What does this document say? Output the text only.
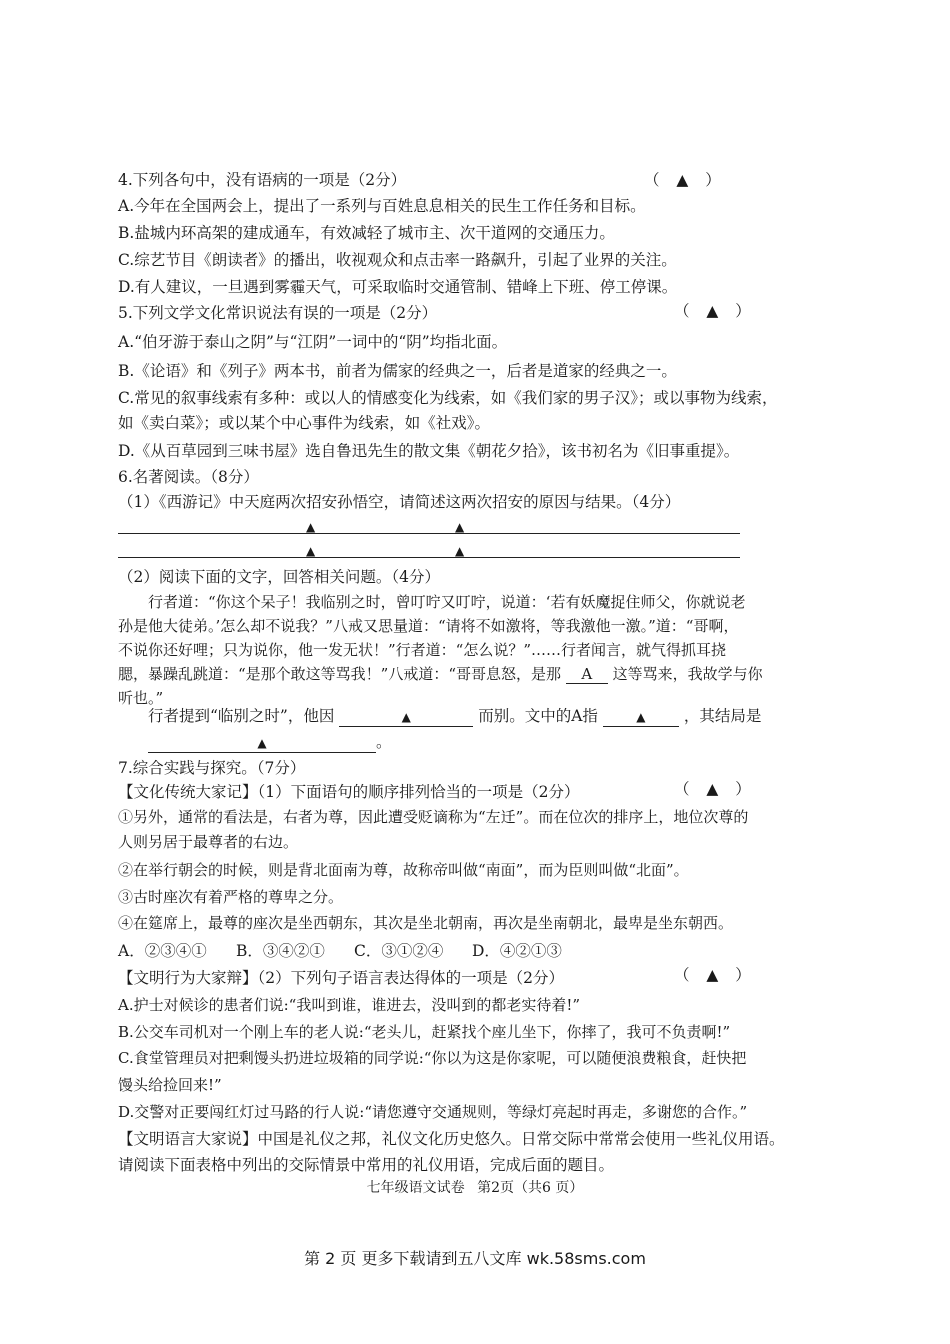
4.下列各句中，没有语病的一项是（2分）	（ ▲ ）
A.今年在全国两会上，提出了一系列与百姓息息相关的民生工作任务和目标。
B.盐城内环高架的建成通车，有效减轻了城市主、次干道网的交通压力。
C.综艺节目《朗读者》的播出，收视观众和点击率一路飙升，引起了业界的关注。
D.有人建议，一旦遇到雾霾天气，可采取临时交通管制、错峰上下班、停工停课。
5.下列文学文化常识说法有误的一项是（2分）	（ ▲ ）
A.“伯牙游于泰山之阴”与“江阴”一词中的“阴”均指北面。
B.《论语》和《列子》两本书，前者为儒家的经典之一，后者是道家的经典之一。
C.常见的叙事线索有多种：或以人的情感变化为线索，如《我们家的男子汉》；或以事物为线索，
如《卖白菜》；或以某个中心事件为线索，如《社戏》。
D.《从百草园到三味书屋》选自鲁迅先生的散文集《朝花夕拾》，该书初名为《旧事重提》。
6.名著阅读。（8分）
（1）《西游记》中天庭两次招安孙悟空，请简述这两次招安的原因与结果。（4分）
▲	▲
▲	▲
（2）阅读下面的文字，回答相关问题。（4分）
行者道：“你这个呆子！我临别之时，曾叮咛又叮咛，说道：‘若有妖魔捉住师父，你就说老
孙是他大徒弟。’怎么却不说我？”八戒又思量道：“请将不如激将，等我激他一激。”道：“哥啊，
不说你还好哩；只为说你，他一发无状！”行者道：“怎么说？”……行者闻言，就气得抓耳挠
腮，暴躁乱跳道：“是那个敢这等骂我！”八戒道：“哥哥息怒，是那 A 这等骂来，我故学与你
听也。”
行者提到“临别之时”，他因	▲	而别。文中的A指	▲ ，其结局是
▲	。
7.综合实践与探究。（7分）
【文化传统大家记】（1）下面语句的顺序排列恰当的一项是（2分）	（ ▲ ）
①另外，通常的看法是，右者为尊，因此遭受贬谪称为“左迁”。而在位次的排序上，地位次尊的
人则另居于最尊者的右边。
②在举行朝会的时候，则是背北面南为尊，故称帝叫做“南面”，而为臣则叫做“北面”。
③古时座次有着严格的尊卑之分。
④在筵席上，最尊的座次是坐西朝东，其次是坐北朝南，再次是坐南朝北，最卑是坐东朝西。
A．②③④① B．③④②① C．③①②④ D．④②①③
【文明行为大家辩】（2）下列句子语言表达得体的一项是（2分）	（ ▲ ）
A.护士对候诊的患者们说:“我叫到谁，谁进去，没叫到的都老实待着!”
B.公交车司机对一个刚上车的老人说:“老头儿，赶紧找个座儿坐下，你摔了，我可不负责啊!”
C.食堂管理员对把剩馒头扔进垃圾箱的同学说:“你以为这是你家呢，可以随便浪费粮食，赶快把
馒头给捡回来!”
D.交警对正要闯红灯过马路的行人说:“请您遵守交通规则，等绿灯亮起时再走，多谢您的合作。”
【文明语言大家说】中国是礼仪之邦，礼仪文化历史悠久。日常交际中常常会使用一些礼仪用语。
请阅读下面表格中列出的交际情景中常用的礼仪用语，完成后面的题目。
七年级语文试卷 第2页（共6 页）
第 2 页 更多下载请到五八文库 wk.58sms.com
